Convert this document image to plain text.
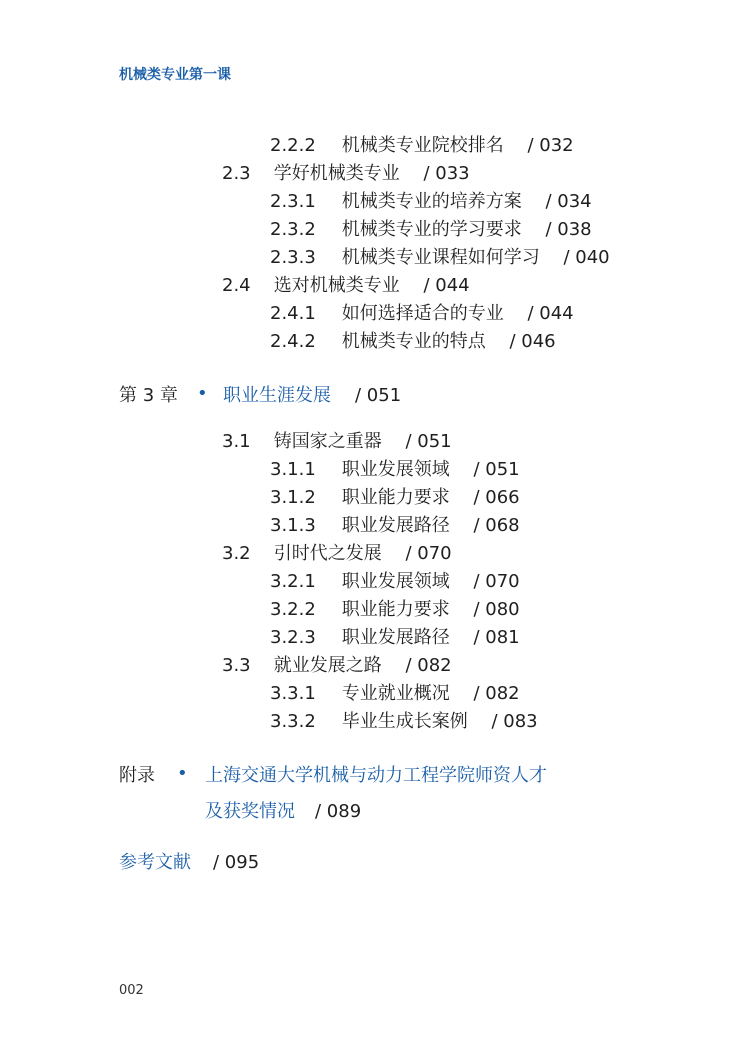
机械类专业第一课
2.2.2 机械类专业院校排名 / 032
2.3 学好机械类专业 / 033
2.3.1 机械类专业的培养方案 / 034
2.3.2 机械类专业的学习要求 / 038
2.3.3 机械类专业课程如何学习 / 040
2.4 选对机械类专业 / 044
2.4.1 如何选择适合的专业 / 044
2.4.2 机械类专业的特点 / 046
第 3 章 • 职业生涯发展 / 051
3.1 铸国家之重器 / 051
3.1.1 职业发展领域 / 051
3.1.2 职业能力要求 / 066
3.1.3 职业发展路径 / 068
3.2 引时代之发展 / 070
3.2.1 职业发展领域 / 070
3.2.2 职业能力要求 / 080
3.2.3 职业发展路径 / 081
3.3 就业发展之路 / 082
3.3.1 专业就业概况 / 082
3.3.2 毕业生成长案例 / 083
附录 • 上海交通大学机械与动力工程学院师资人才
及获奖情况 / 089
参考文献 / 095
002
